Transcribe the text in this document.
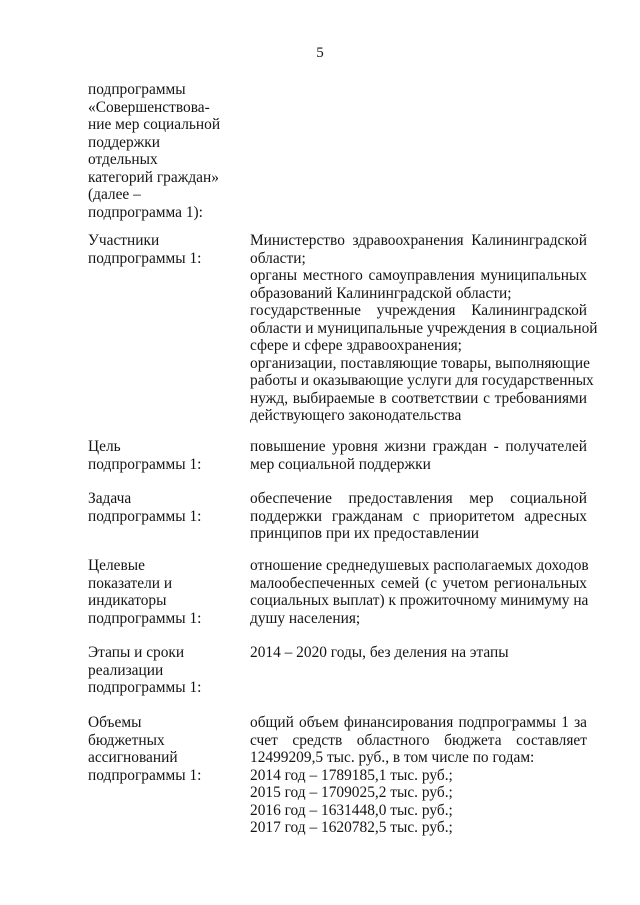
5
подпрограммы
«Совершенствова-
ние мер социальной
поддержки
отдельных
категорий граждан»
(далее –
подпрограмма 1):
Участники
подпрограммы 1:
Министерство здравоохранения Калининградской
области;
органы местного самоуправления муниципальных
образований Калининградской области;
государственные учреждения Калининградской
области и муниципальные учреждения в социальной
сфере и сфере здравоохранения;
организации, поставляющие товары, выполняющие
работы и оказывающие услуги для государственных
нужд, выбираемые в соответствии с требованиями
действующего законодательства
Цель
подпрограммы 1:
повышение уровня жизни граждан - получателей
мер социальной поддержки
Задача
подпрограммы 1:
обеспечение предоставления мер социальной
поддержки гражданам с приоритетом адресных
принципов при их предоставлении
Целевые
показатели и
индикаторы
подпрограммы 1:
отношение среднедушевых располагаемых доходов
малообеспеченных семей (с учетом региональных
социальных выплат) к прожиточному минимуму на
душу населения;
Этапы и сроки
реализации
подпрограммы 1:
2014 – 2020 годы, без деления на этапы
Объемы
бюджетных
ассигнований
подпрограммы 1:
общий объем финансирования подпрограммы 1 за
счет средств областного бюджета составляет
12499209,5 тыс. руб., в том числе по годам:
2014 год – 1789185,1 тыс. руб.;
2015 год – 1709025,2 тыс. руб.;
2016 год – 1631448,0 тыс. руб.;
2017 год – 1620782,5 тыс. руб.;
